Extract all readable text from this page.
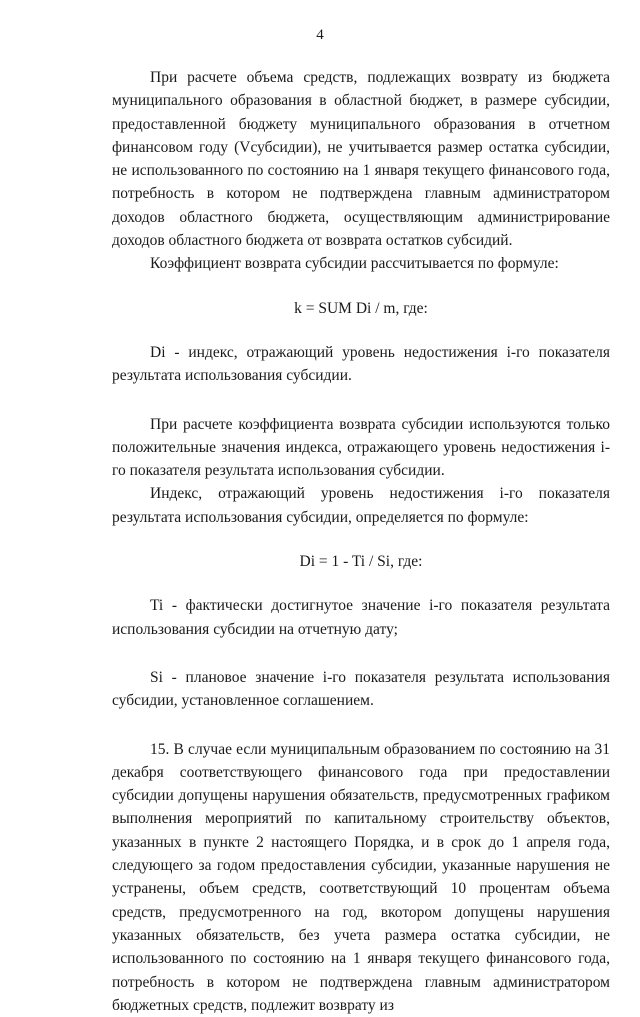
4

При расчете объема средств, подлежащих возврату из бюджета муниципального образования в областной бюджет, в размере субсидии, предоставленной бюджету муниципального образования в отчетном финансовом году (Vсубсидии), не учитывается размер остатка субсидии, не использованного по состоянию на 1 января текущего финансового года, потребность в котором не подтверждена главным администратором доходов областного бюджета, осуществляющим администрирование доходов областного бюджета от возврата остатков субсидий.

Коэффициент возврата субсидии рассчитывается по формуле:

k = SUM Di / m, где:

Di - индекс, отражающий уровень недостижения i-го показателя результата использования субсидии.

При расчете коэффициента возврата субсидии используются только положительные значения индекса, отражающего уровень недостижения i-го показателя результата использования субсидии.

Индекс, отражающий уровень недостижения i-го показателя результата использования субсидии, определяется по формуле:

Di = 1 - Ti / Si, где:

Ti - фактически достигнутое значение i-го показателя результата использования субсидии на отчетную дату;

Si - плановое значение i-го показателя результата использования субсидии, установленное соглашением.

15. В случае если муниципальным образованием по состоянию на 31 декабря соответствующего финансового года при предоставлении субсидии допущены нарушения обязательств, предусмотренных графиком выполнения мероприятий по капитальному строительству объектов, указанных в пункте 2 настоящего Порядка, и в срок до 1 апреля года, следующего за годом предоставления субсидии, указанные нарушения не устранены, объем средств, соответствующий 10 процентам объема средств, предусмотренного на год, вкотором допущены нарушения указанных обязательств, без учета размера остатка субсидии, не использованного по состоянию на 1 января текущего финансового года, потребность в котором не подтверждена главным администратором бюджетных средств, подлежит возврату из
